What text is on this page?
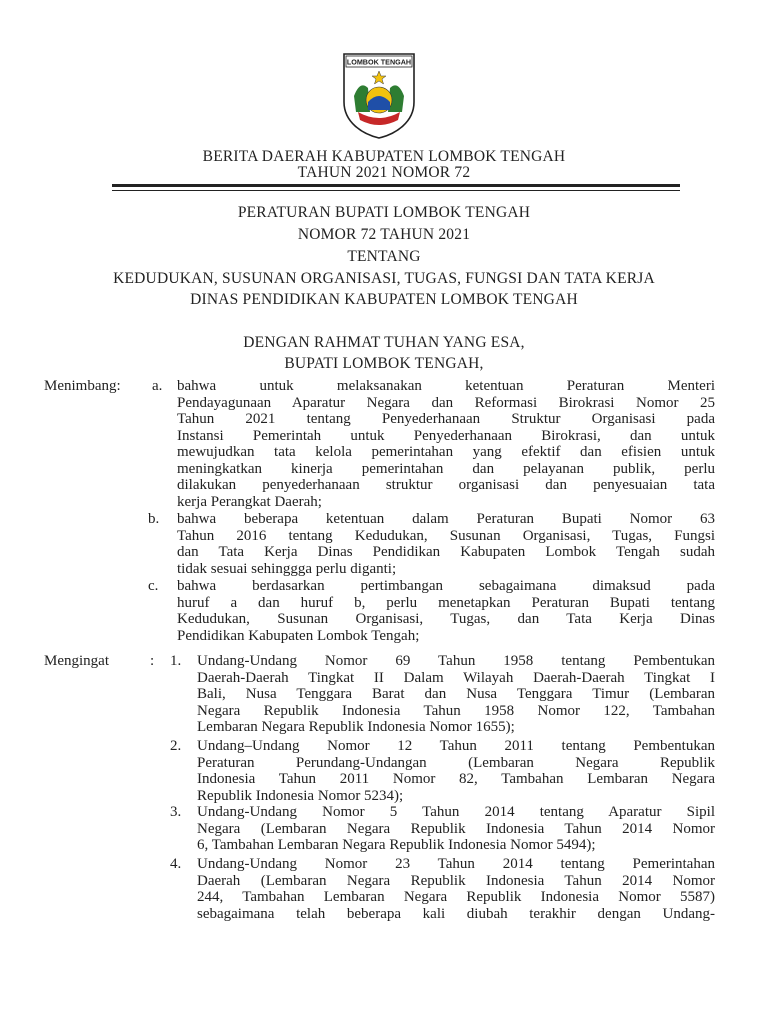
LOMBOK TENGAH
BERITA DAERAH KABUPATEN LOMBOK TENGAH
TAHUN 2021 NOMOR 72
PERATURAN BUPATI LOMBOK TENGAH
NOMOR 72 TAHUN 2021
TENTANG
KEDUDUKAN, SUSUNAN ORGANISASI, TUGAS, FUNGSI DAN TATA KERJA
DINAS PENDIDIKAN KABUPATEN LOMBOK TENGAH
DENGAN RAHMAT TUHAN YANG ESA,
BUPATI LOMBOK TENGAH,
Menimbang: a. bahwa untuk melaksanakan ketentuan Peraturan Menteri
Pendayagunaan Aparatur Negara dan Reformasi Birokrasi Nomor 25
Tahun 2021 tentang Penyederhanaan Struktur Organisasi pada
Instansi Pemerintah untuk Penyederhanaan Birokrasi, dan untuk
mewujudkan tata kelola pemerintahan yang efektif dan efisien untuk
meningkatkan kinerja pemerintahan dan pelayanan publik, perlu
dilakukan penyederhanaan struktur organisasi dan penyesuaian tata
kerja Perangkat Daerah;
b. bahwa beberapa ketentuan dalam Peraturan Bupati Nomor 63
Tahun 2016 tentang Kedudukan, Susunan Organisasi, Tugas, Fungsi
dan Tata Kerja Dinas Pendidikan Kabupaten Lombok Tengah sudah
tidak sesuai sehinggga perlu diganti;
c. bahwa berdasarkan pertimbangan sebagaimana dimaksud pada
huruf a dan huruf b, perlu menetapkan Peraturan Bupati tentang
Kedudukan, Susunan Organisasi, Tugas, dan Tata Kerja Dinas
Pendidikan Kabupaten Lombok Tengah;
Mengingat	: 1. Undang-Undang Nomor 69 Tahun 1958 tentang Pembentukan
Daerah-Daerah Tingkat II Dalam Wilayah Daerah-Daerah Tingkat I
Bali, Nusa Tenggara Barat dan Nusa Tenggara Timur (Lembaran
Negara Republik Indonesia Tahun 1958 Nomor 122, Tambahan
Lembaran Negara Republik Indonesia Nomor 1655);
2. Undang–Undang Nomor 12 Tahun 2011 tentang Pembentukan
Peraturan Perundang-Undangan (Lembaran Negara Republik
Indonesia Tahun 2011 Nomor 82, Tambahan Lembaran Negara
Republik Indonesia Nomor 5234);
3. Undang-Undang Nomor 5 Tahun 2014 tentang Aparatur Sipil
Negara (Lembaran Negara Republik Indonesia Tahun 2014 Nomor
6, Tambahan Lembaran Negara Republik Indonesia Nomor 5494);
4. Undang-Undang Nomor 23 Tahun 2014 tentang Pemerintahan
Daerah (Lembaran Negara Republik Indonesia Tahun 2014 Nomor
244, Tambahan Lembaran Negara Republik Indonesia Nomor 5587)
sebagaimana telah beberapa kali diubah terakhir dengan Undang-
